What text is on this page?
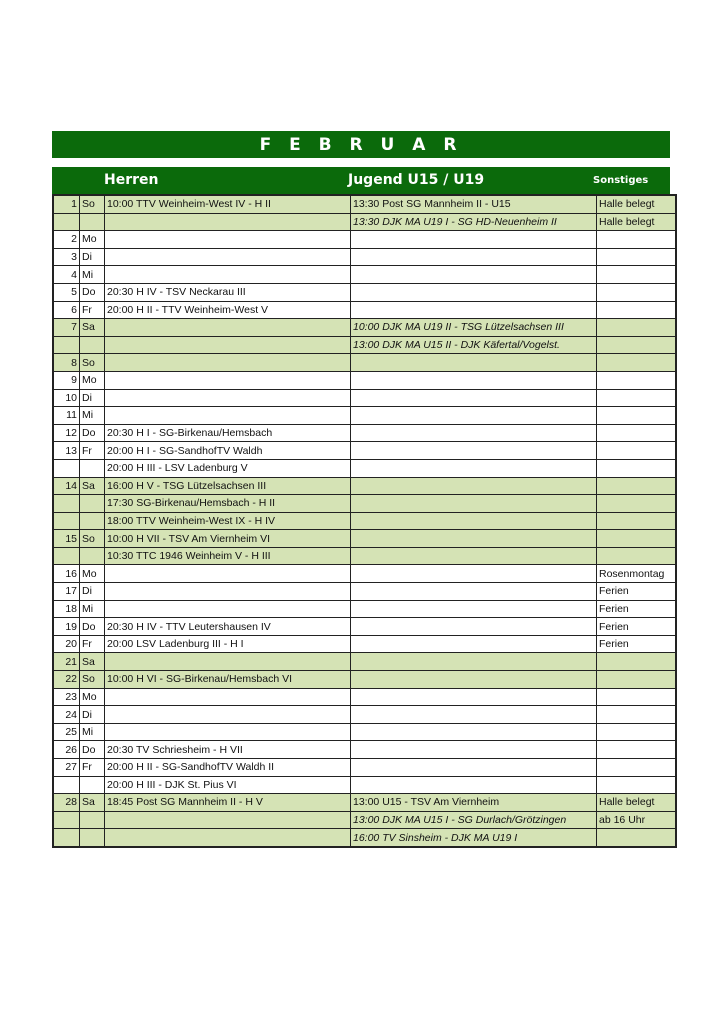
F E B R U A R
Herren	Jugend U15 / U19	Sonstiges
1	So	10:00 TTV Weinheim-West IV - H II	13:30 Post SG Mannheim II - U15	Halle belegt
			13:30 DJK MA U19 I - SG HD-Neuenheim II	Halle belegt
2	Mo			
3	Di			
4	Mi			
5	Do	20:30 H IV - TSV Neckarau III		
6	Fr	20:00 H II - TTV Weinheim-West V		
7	Sa		10:00 DJK MA U19 II - TSG Lützelsachsen III	
			13:00 DJK MA U15 II - DJK Käfertal/Vogelst.	
8	So			
9	Mo			
10	Di			
11	Mi			
12	Do	20:30 H I - SG-Birkenau/Hemsbach		
13	Fr	20:00 H I - SG-SandhofTV Waldh		
		20:00 H III - LSV Ladenburg V		
14	Sa	16:00 H V - TSG Lützelsachsen III		
		17:30 SG-Birkenau/Hemsbach - H II		
		18:00 TTV Weinheim-West IX - H IV		
15	So	10:00 H VII - TSV Am Viernheim VI		
		10:30 TTC 1946 Weinheim V - H III		
16	Mo			Rosenmontag
17	Di			Ferien
18	Mi			Ferien
19	Do	20:30 H IV - TTV Leutershausen IV		Ferien
20	Fr	20:00 LSV Ladenburg III - H I		Ferien
21	Sa			
22	So	10:00 H VI - SG-Birkenau/Hemsbach VI		
23	Mo			
24	Di			
25	Mi			
26	Do	20:30 TV Schriesheim - H VII		
27	Fr	20:00 H II - SG-SandhofTV Waldh II		
		20:00 H III - DJK St. Pius VI		
28	Sa	18:45 Post SG Mannheim II - H V	13:00 U15 - TSV Am Viernheim	Halle belegt
			13:00 DJK MA U15 I - SG Durlach/Grötzingen	ab 16 Uhr
			16:00 TV Sinsheim - DJK MA U19 I	
